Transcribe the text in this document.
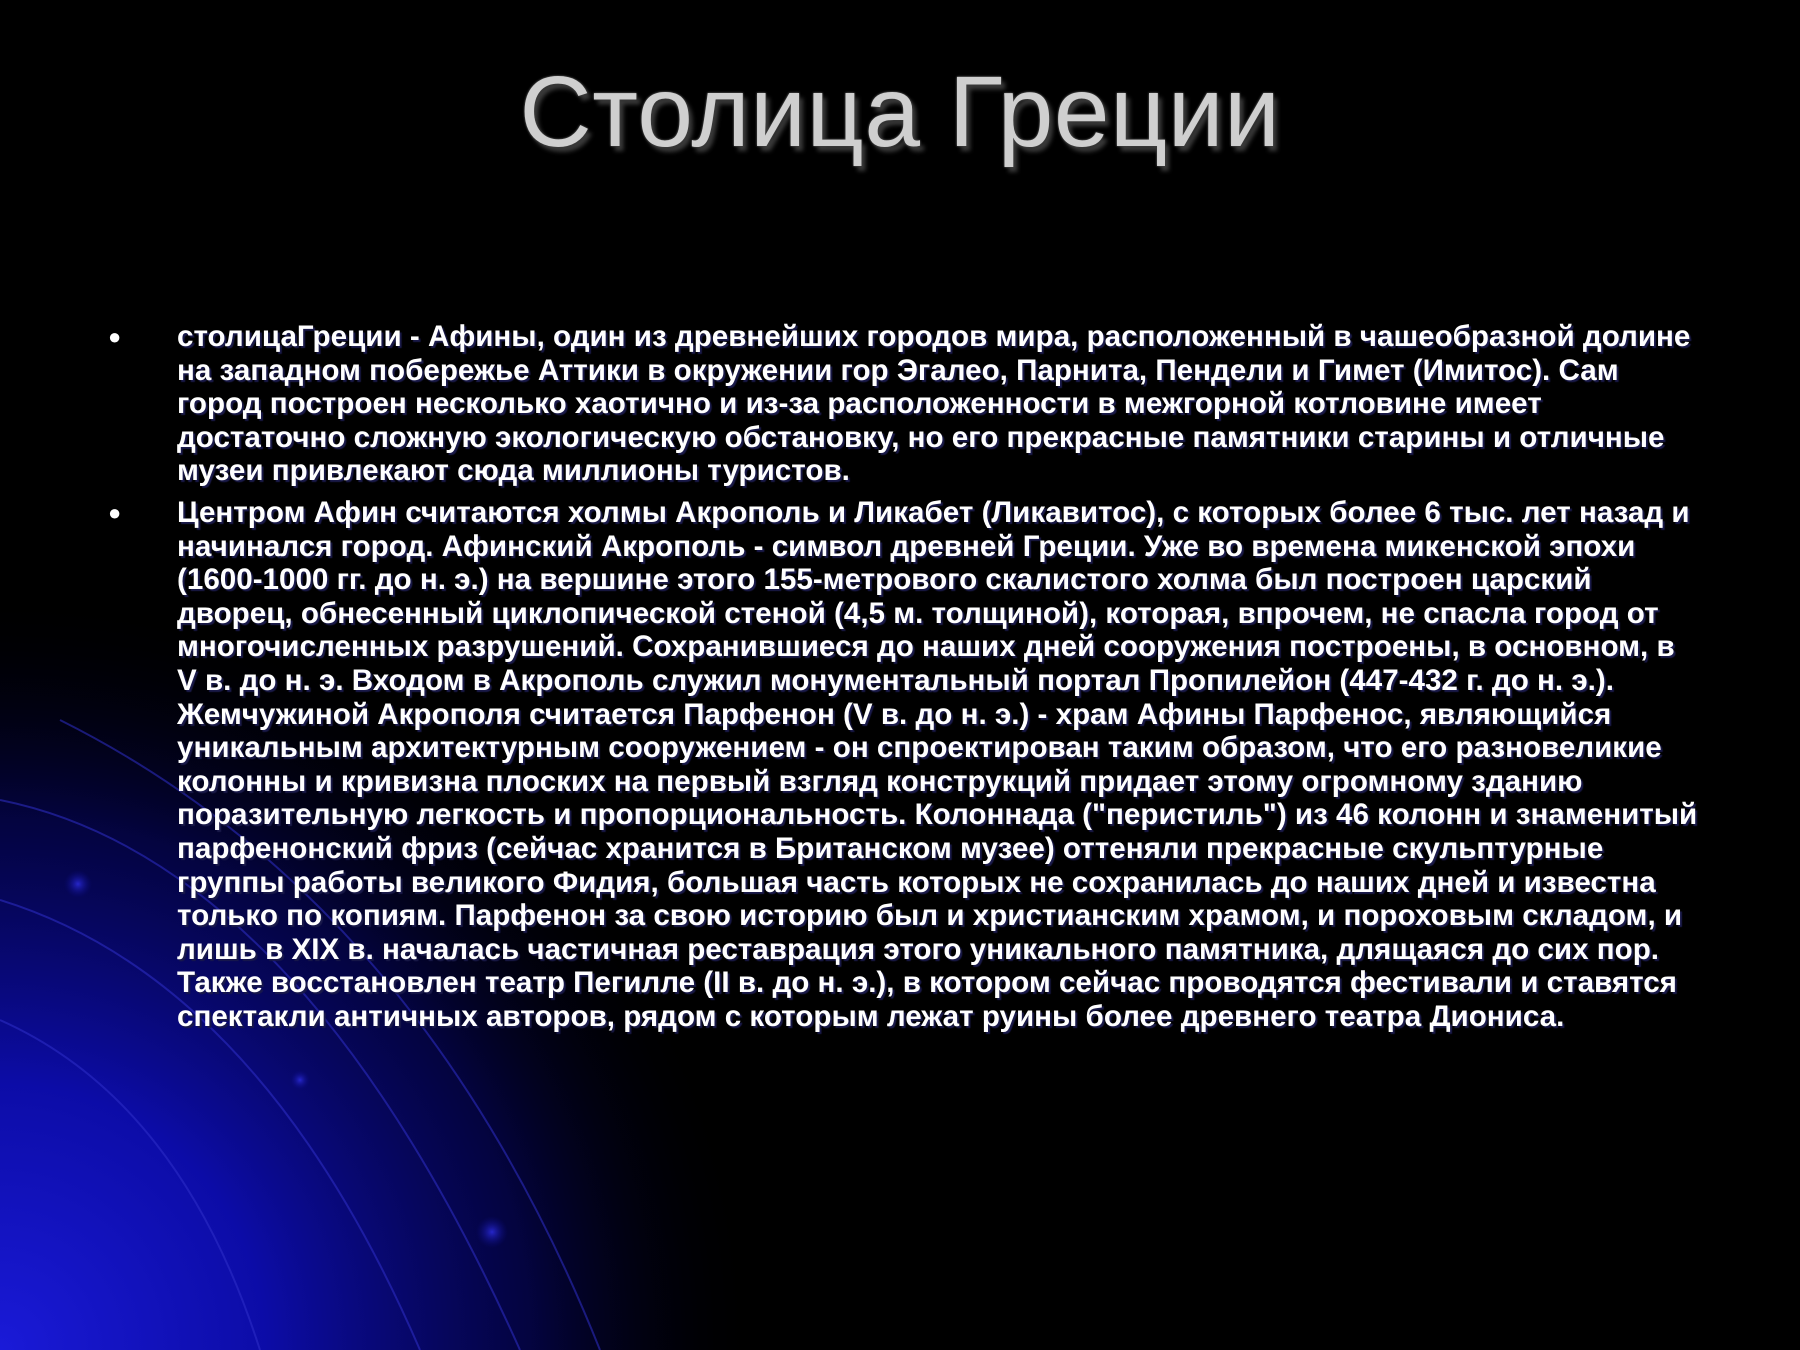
Столица Греции
●	столицаГреции - Афины, один из древнейших городов мира, расположенный в чашеобразной долине на западном побережье Аттики в окружении гор Эгалео, Парнита, Пендели и Гимет (Имитос). Сам город построен несколько хаотично и из-за расположенности в межгорной котловине имеет достаточно сложную экологическую обстановку, но его прекрасные памятники старины и отличные музеи привлекают сюда миллионы туристов.
●	Центром Афин считаются холмы Акрополь и Ликабет (Ликавитос), с которых более 6 тыс. лет назад и начинался город. Афинский Акрополь - символ древней Греции. Уже во времена микенской эпохи (1600-1000 гг. до н. э.) на вершине этого 155-метрового скалистого холма был построен царский дворец, обнесенный циклопической стеной (4,5 м. толщиной), которая, впрочем, не спасла город от многочисленных разрушений. Сохранившиеся до наших дней сооружения построены, в основном, в V в. до н. э. Входом в Акрополь служил монументальный портал Пропилейон (447-432 г. до н. э.). Жемчужиной Акрополя считается Парфенон (V в. до н. э.) - храм Афины Парфенос, являющийся уникальным архитектурным сооружением - он спроектирован таким образом, что его разновеликие колонны и кривизна плоских на первый взгляд конструкций придает этому огромному зданию поразительную легкость и пропорциональность. Колоннада ("перистиль") из 46 колонн и знаменитый парфенонский фриз (сейчас хранится в Британском музее) оттеняли прекрасные скульптурные группы работы великого Фидия, большая часть которых не сохранилась до наших дней и известна только по копиям. Парфенон за свою историю был и христианским храмом, и пороховым складом, и лишь в XIX в. началась частичная реставрация этого уникального памятника, длящаяся до сих пор. Также восстановлен театр Пегилле (II в. до н. э.), в котором сейчас проводятся фестивали и ставятся спектакли античных авторов, рядом с которым лежат руины более древнего театра Диониса.
